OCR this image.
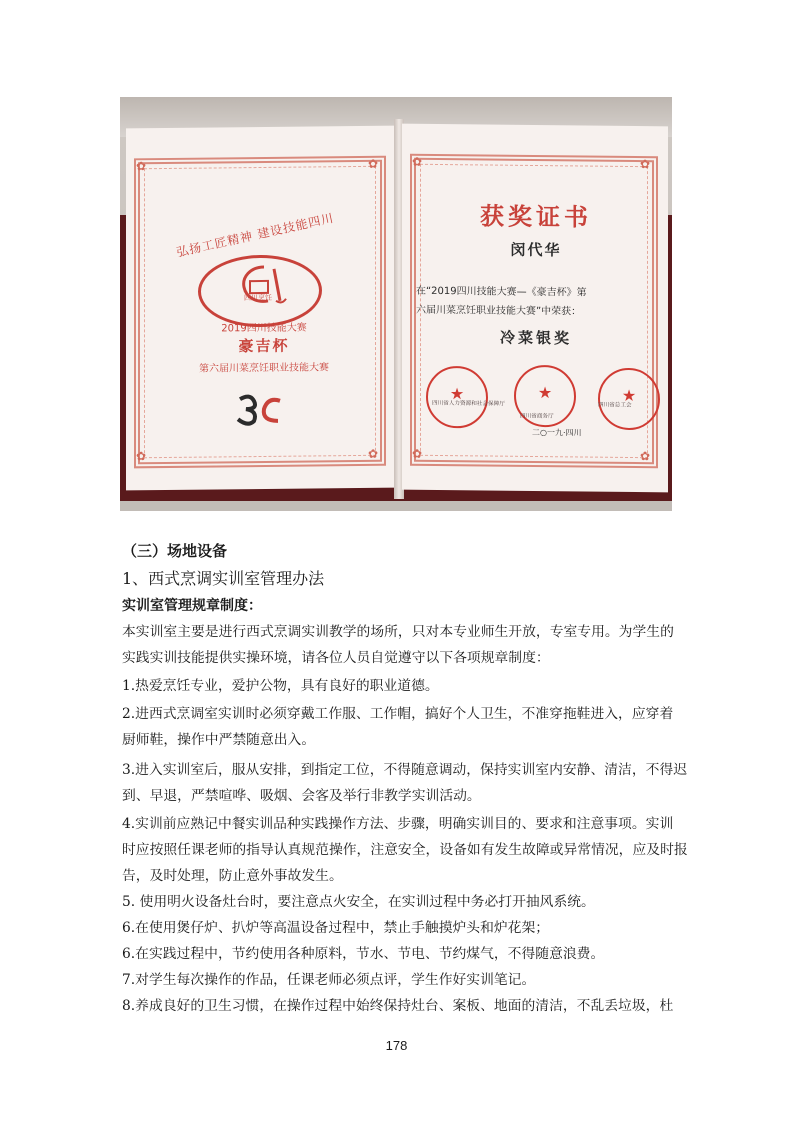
✿	✿
✿	✿
弘扬工匠精神 建设技能四川
四川烹饪
2019四川技能大赛
豪吉杯
第六届川菜烹饪职业技能大赛
✿	✿
✿	✿
获奖证书
闵代华
在“2019四川技能大赛—《豪吉杯》第
六届川菜烹饪职业技能大赛”中荣获：
冷菜银奖
★	★	★
四川省人力资源和社会保障厅
四川省商务厅
四川省总工会
二○一九·四川
（三）场地设备
1、西式烹调实训室管理办法
实训室管理规章制度：
本实训室主要是进行西式烹调实训教学的场所，只对本专业师生开放，专室专用。为学生的
实践实训技能提供实操环境，请各位人员自觉遵守以下各项规章制度：
1.热爱烹饪专业，爱护公物，具有良好的职业道德。
2.进西式烹调室实训时必须穿戴工作服、工作帽，搞好个人卫生，不准穿拖鞋进入，应穿着
厨师鞋，操作中严禁随意出入。
3.进入实训室后，服从安排，到指定工位，不得随意调动，保持实训室内安静、清洁，不得迟
到、早退，严禁喧哗、吸烟、会客及举行非教学实训活动。
4.实训前应熟记中餐实训品种实践操作方法、步骤，明确实训目的、要求和注意事项。实训
时应按照任课老师的指导认真规范操作，注意安全，设备如有发生故障或异常情况，应及时报
告，及时处理，防止意外事故发生。
5. 使用明火设备灶台时，要注意点火安全，在实训过程中务必打开抽风系统。
6.在使用煲仔炉、扒炉等高温设备过程中，禁止手触摸炉头和炉花架；
6.在实践过程中，节约使用各种原料，节水、节电、节约煤气，不得随意浪费。
7.对学生每次操作的作品，任课老师必须点评，学生作好实训笔记。
8.养成良好的卫生习惯，在操作过程中始终保持灶台、案板、地面的清洁，不乱丢垃圾，杜
178
